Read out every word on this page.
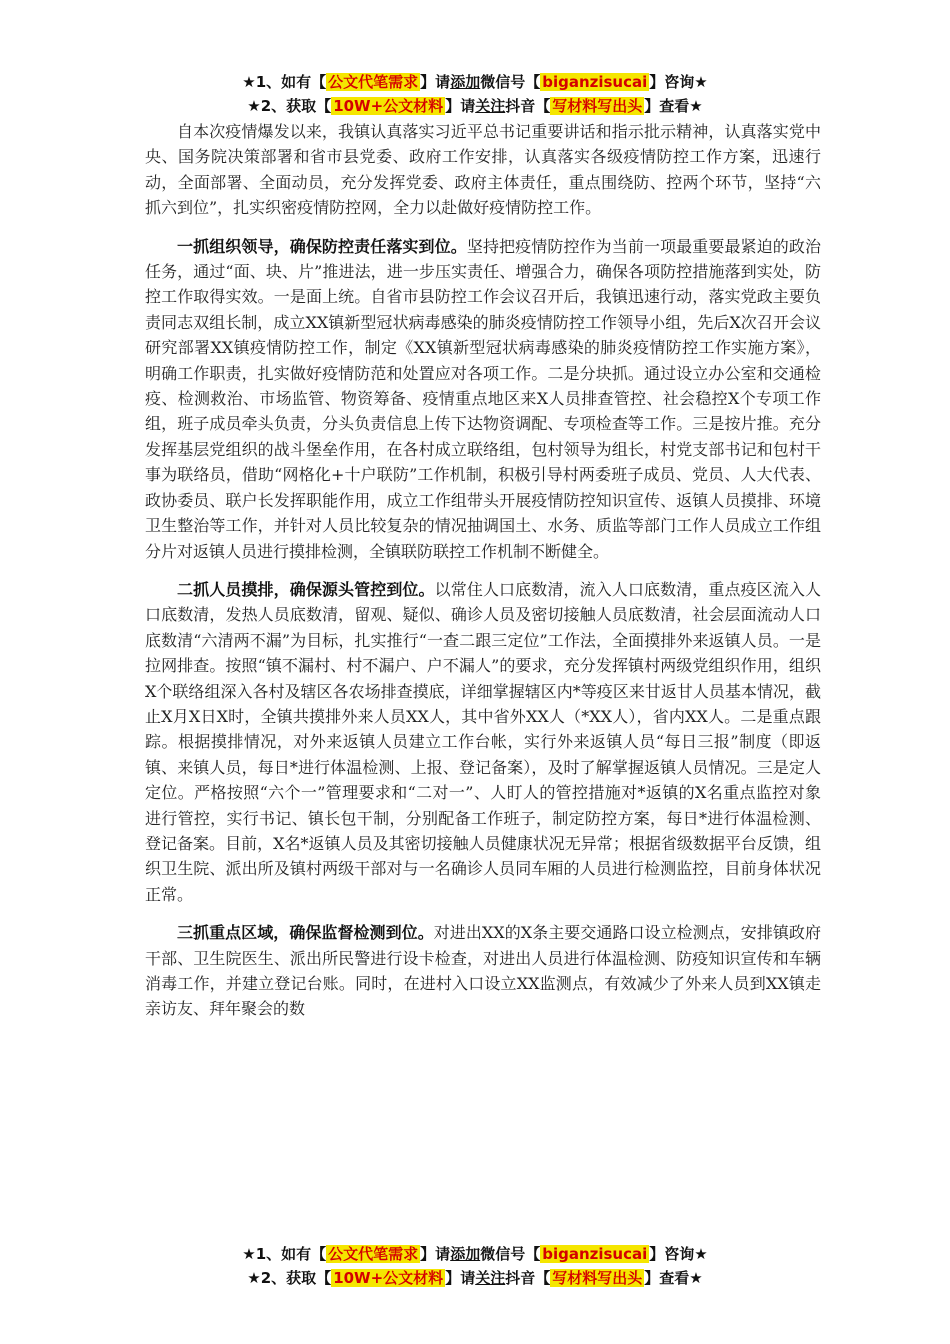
★1、如有【 公文代笔需求 】请添加微信号【 biganzisucai 】咨询★
★2、获取【 10W+公文材料 】请关注抖音【 写材料写出头 】查看★

自本次疫情爆发以来，我镇认真落实习近平总书记重要讲话和指示批示精神，认真落实党中央、国务院决策部署和省市县党委、政府工作安排，认真落实各级疫情防控工作方案，迅速行动，全面部署、全面动员，充分发挥党委、政府主体责任，重点围绕防、控两个环节，坚持“六抓六到位”，扎实织密疫情防控网，全力以赴做好疫情防控工作。

一抓组织领导，确保防控责任落实到位。坚持把疫情防控作为当前一项最重要最紧迫的政治任务，通过“面、块、片”推进法，进一步压实责任、增强合力，确保各项防控措施落到实处，防控工作取得实效。一是面上统。自省市县防控工作会议召开后，我镇迅速行动，落实党政主要负责同志双组长制，成立XX镇新型冠状病毒感染的肺炎疫情防控工作领导小组，先后X次召开会议研究部署XX镇疫情防控工作，制定《XX镇新型冠状病毒感染的肺炎疫情防控工作实施方案》，明确工作职责，扎实做好疫情防范和处置应对各项工作。二是分块抓。通过设立办公室和交通检疫、检测救治、市场监管、物资筹备、疫情重点地区来X人员排查管控、社会稳控X个专项工作组，班子成员牵头负责，分头负责信息上传下达物资调配、专项检查等工作。三是按片推。充分发挥基层党组织的战斗堡垒作用，在各村成立联络组，包村领导为组长，村党支部书记和包村干事为联络员，借助“网格化+十户联防”工作机制，积极引导村两委班子成员、党员、人大代表、政协委员、联户长发挥职能作用，成立工作组带头开展疫情防控知识宣传、返镇人员摸排、环境卫生整治等工作，并针对人员比较复杂的情况抽调国土、水务、质监等部门工作人员成立工作组分片对返镇人员进行摸排检测，全镇联防联控工作机制不断健全。

二抓人员摸排，确保源头管控到位。以常住人口底数清，流入人口底数清，重点疫区流入人口底数清，发热人员底数清，留观、疑似、确诊人员及密切接触人员底数清，社会层面流动人口底数清“六清两不漏”为目标，扎实推行“一查二跟三定位”工作法，全面摸排外来返镇人员。一是拉网排查。按照“镇不漏村、村不漏户、户不漏人”的要求，充分发挥镇村两级党组织作用，组织X个联络组深入各村及辖区各农场排查摸底，详细掌握辖区内*等疫区来甘返甘人员基本情况，截止X月X日X时，全镇共摸排外来人员XX人，其中省外XX人（*XX人），省内XX人。二是重点跟踪。根据摸排情况，对外来返镇人员建立工作台帐，实行外来返镇人员“每日三报”制度（即返镇、来镇人员，每日*进行体温检测、上报、登记备案），及时了解掌握返镇人员情况。三是定人定位。严格按照“六个一”管理要求和“二对一”、人盯人的管控措施对*返镇的X名重点监控对象进行管控，实行书记、镇长包干制，分别配备工作班子，制定防控方案，每日*进行体温检测、登记备案。目前，X名*返镇人员及其密切接触人员健康状况无异常；根据省级数据平台反馈，组织卫生院、派出所及镇村两级干部对与一名确诊人员同车厢的人员进行检测监控，目前身体状况正常。

三抓重点区域，确保监督检测到位。对进出XX的X条主要交通路口设立检测点，安排镇政府干部、卫生院医生、派出所民警进行设卡检查，对进出人员进行体温检测、防疫知识宣传和车辆消毒工作，并建立登记台账。同时，在进村入口设立XX监测点，有效减少了外来人员到XX镇走亲访友、拜年聚会的数

★1、如有【 公文代笔需求 】请添加微信号【 biganzisucai 】咨询★
★2、获取【 10W+公文材料 】请关注抖音【 写材料写出头 】查看★
